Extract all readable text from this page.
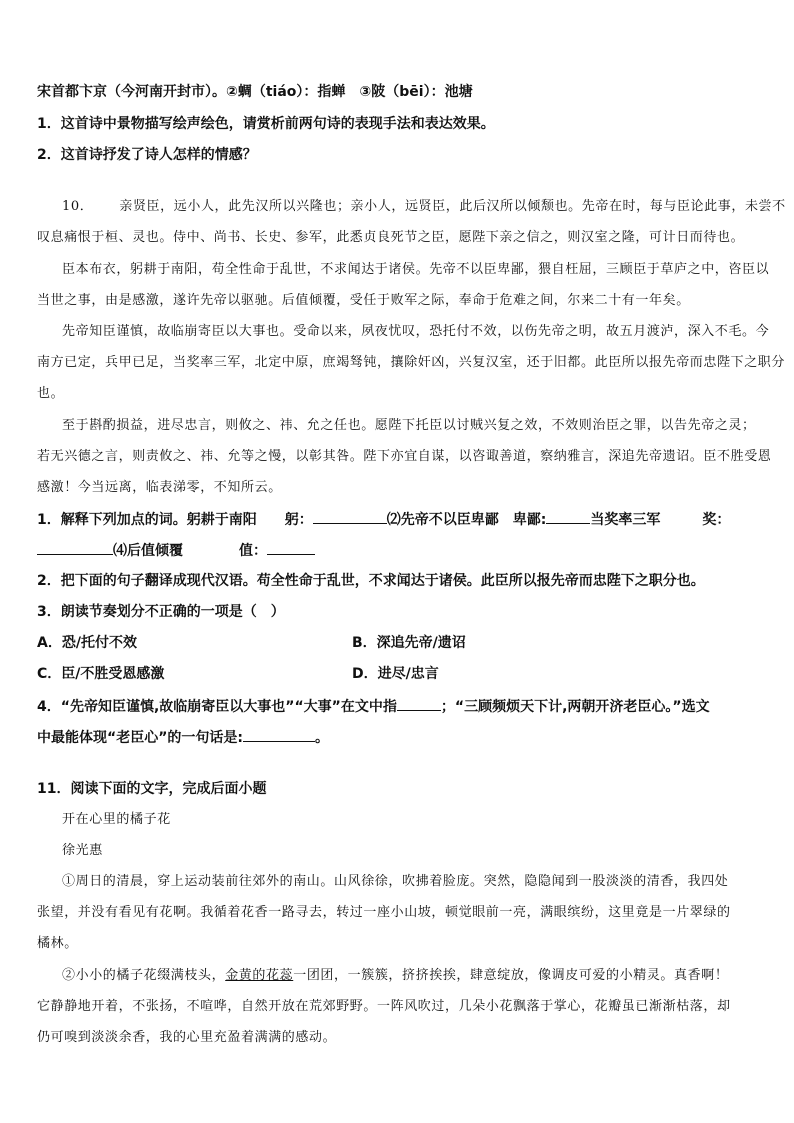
宋首都卞京（今河南开封市）。②蜩（tiáo）：指蝉　③陂（bēi）：池塘
1．这首诗中景物描写绘声绘色，请赏析前两句诗的表现手法和表达效果。
2．这首诗抒发了诗人怎样的情感？
10． 亲贤臣，远小人，此先汉所以兴隆也；亲小人，远贤臣，此后汉所以倾颓也。先帝在时，每与臣论此事，未尝不
叹息痛恨于桓、灵也。侍中、尚书、长史、参军，此悉贞良死节之臣，愿陛下亲之信之，则汉室之隆，可计日而待也。
臣本布衣，躬耕于南阳，苟全性命于乱世，不求闻达于诸侯。先帝不以臣卑鄙，猥自枉屈，三顾臣于草庐之中，咨臣以
当世之事，由是感激，遂许先帝以驱驰。后值倾覆，受任于败军之际，奉命于危难之间，尔来二十有一年矣。
先帝知臣谨慎，故临崩寄臣以大事也。受命以来，夙夜忧叹，恐托付不效，以伤先帝之明，故五月渡泸，深入不毛。今
南方已定，兵甲已足，当奖率三军，北定中原，庶竭驽钝，攘除奸凶，兴复汉室，还于旧都。此臣所以报先帝而忠陛下之职分
也。
至于斟酌损益，进尽忠言，则攸之、祎、允之任也。愿陛下托臣以讨贼兴复之效，不效则治臣之罪，以告先帝之灵；
若无兴德之言，则责攸之、祎、允等之慢，以彰其咎。陛下亦宜自谋，以咨诹善道，察纳雅言，深追先帝遗诏。臣不胜受恩
感激！今当远离，临表涕零，不知所云。
1．解释下列加点的词。躬耕于南阳　　躬：	⑵先帝不以臣卑鄙　卑鄙:	当奖率三军　　　奖：
⑷后值倾覆　　　　值：
2．把下面的句子翻译成现代汉语。苟全性命于乱世，不求闻达于诸侯。此臣所以报先帝而忠陛下之职分也。
3．朗读节奏划分不正确的一项是（　）
A．恐/托付不效	B．深追先帝/遗诏
C．臣/不胜受恩感激	D．进尽/忠言
4．“先帝知臣谨慎,故临崩寄臣以大事也”“大事”在文中指	；“三顾频烦天下计,两朝开济老臣心。”选文
中最能体现“老臣心”的一句话是:	。
11．阅读下面的文字，完成后面小题
开在心里的橘子花
徐光惠
①周日的清晨，穿上运动装前往郊外的南山。山风徐徐，吹拂着脸庞。突然，隐隐闻到一股淡淡的清香，我四处
张望，并没有看见有花啊。我循着花香一路寻去，转过一座小山坡，顿觉眼前一亮，满眼缤纷，这里竟是一片翠绿的
橘林。
②小小的橘子花缀满枝头，金黄的花蕊一团团，一簇簇，挤挤挨挨，肆意绽放，像调皮可爱的小精灵。真香啊！
它静静地开着，不张扬，不喧哗，自然开放在荒郊野野。一阵风吹过，几朵小花飘落于掌心，花瓣虽已渐渐枯落，却
仍可嗅到淡淡余香，我的心里充盈着满满的感动。
